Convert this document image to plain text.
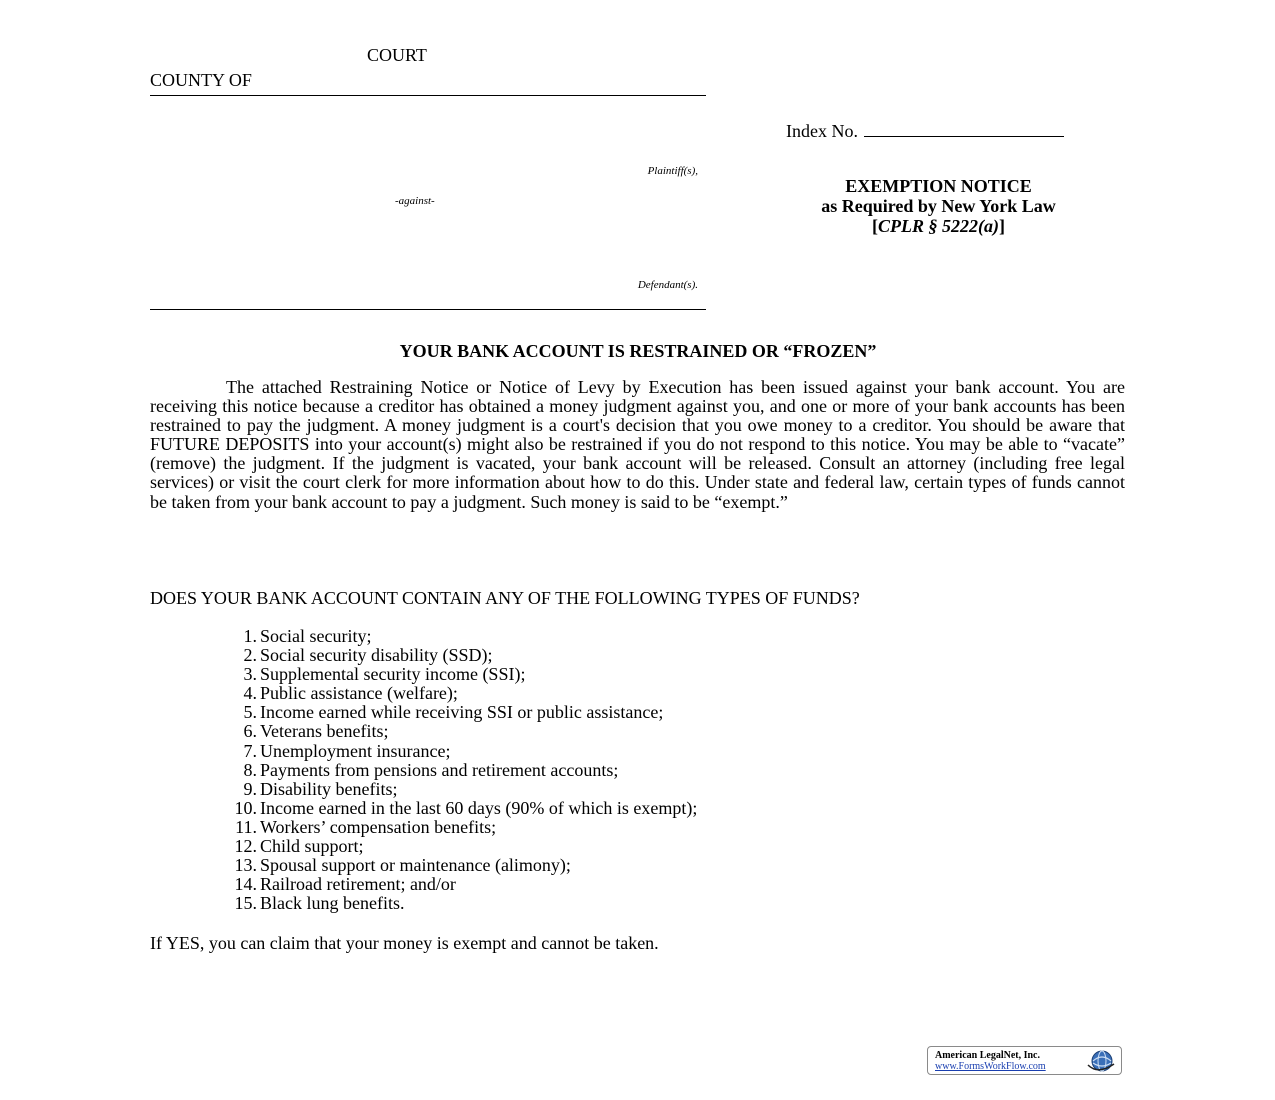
COURT
COUNTY OF
Index No.
Plaintiff(s),
-against-
Defendant(s).
EXEMPTION NOTICE
as Required by New York Law
[CPLR § 5222(a)]
YOUR BANK ACCOUNT IS RESTRAINED OR “FROZEN”

The attached Restraining Notice or Notice of Levy by Execution has been issued against your bank account. You are receiving this notice because a creditor has obtained a money judgment against you, and one or more of your bank accounts has been restrained to pay the judgment. A money judgment is a court's decision that you owe money to a creditor. You should be aware that FUTURE DEPOSITS into your account(s) might also be restrained if you do not respond to this notice. You may be able to “vacate” (remove) the judgment. If the judgment is vacated, your bank account will be released. Consult an attorney (including free legal services) or visit the court clerk for more information about how to do this. Under state and federal law, certain types of funds cannot be taken from your bank account to pay a judgment. Such money is said to be “exempt.”

DOES YOUR BANK ACCOUNT CONTAIN ANY OF THE FOLLOWING TYPES OF FUNDS?
1. Social security;
2. Social security disability (SSD);
3. Supplemental security income (SSI);
4. Public assistance (welfare);
5. Income earned while receiving SSI or public assistance;
6. Veterans benefits;
7. Unemployment insurance;
8. Payments from pensions and retirement accounts;
9. Disability benefits;
10. Income earned in the last 60 days (90% of which is exempt);
11. Workers’ compensation benefits;
12. Child support;
13. Spousal support or maintenance (alimony);
14. Railroad retirement; and/or
15. Black lung benefits.
If YES, you can claim that your money is exempt and cannot be taken.
American LegalNet, Inc.
www.FormsWorkFlow.com
